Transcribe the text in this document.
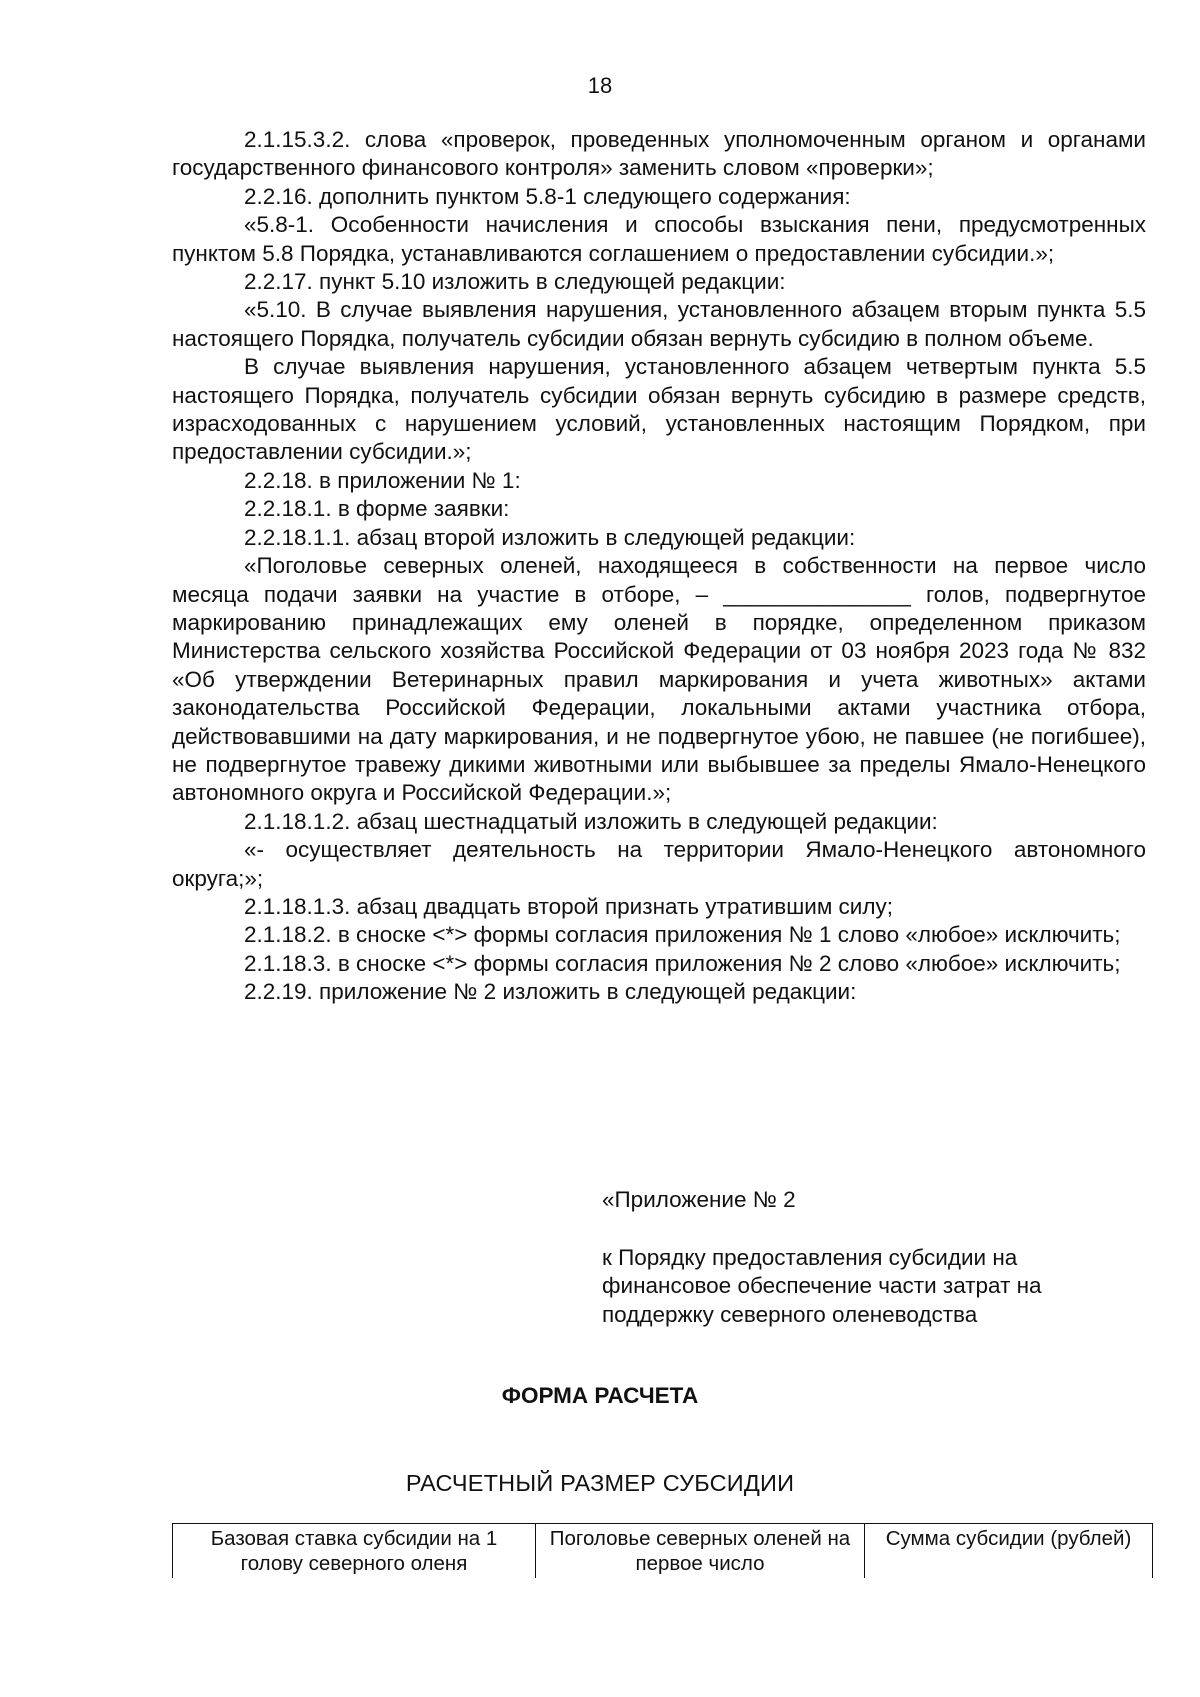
18

2.1.15.3.2. слова «проверок, проведенных уполномоченным органом и органами государственного финансового контроля» заменить словом «проверки»;

2.2.16. дополнить пунктом 5.8-1 следующего содержания:

«5.8-1. Особенности начисления и способы взыскания пени, предусмотренных пунктом 5.8 Порядка, устанавливаются соглашением о предоставлении субсидии.»;

2.2.17. пункт 5.10 изложить в следующей редакции:

«5.10. В случае выявления нарушения, установленного абзацем вторым пункта 5.5 настоящего Порядка, получатель субсидии обязан вернуть субсидию в полном объеме.

В случае выявления нарушения, установленного абзацем четвертым пункта 5.5 настоящего Порядка, получатель субсидии обязан вернуть субсидию в размере средств, израсходованных с нарушением условий, установленных настоящим Порядком, при предоставлении субсидии.»;

2.2.18. в приложении № 1:

2.2.18.1. в форме заявки:

2.2.18.1.1. абзац второй изложить в следующей редакции:

«Поголовье северных оленей, находящееся в собственности на первое число месяца подачи заявки на участие в отборе, – _______________ голов, подвергнутое маркированию принадлежащих ему оленей в порядке, определенном приказом Министерства сельского хозяйства Российской Федерации от 03 ноября 2023 года № 832 «Об утверждении Ветеринарных правил маркирования и учета животных» актами законодательства Российской Федерации, локальными актами участника отбора, действовавшими на дату маркирования, и не подвергнутое убою, не павшее (не погибшее), не подвергнутое травежу дикими животными или выбывшее за пределы Ямало-Ненецкого автономного округа и Российской Федерации.»;

2.1.18.1.2. абзац шестнадцатый изложить в следующей редакции:

«- осуществляет деятельность на территории Ямало-Ненецкого автономного округа;»;

2.1.18.1.3. абзац двадцать второй признать утратившим силу;

2.1.18.2. в сноске <*> формы согласия приложения № 1 слово «любое» исключить;

2.1.18.3. в сноске <*> формы согласия приложения № 2 слово «любое» исключить;

2.2.19. приложение № 2 изложить в следующей редакции:

«Приложение № 2
к Порядку предоставления субсидии на финансовое обеспечение части затрат на поддержку северного оленеводства
ФОРМА РАСЧЕТА
РАСЧЕТНЫЙ РАЗМЕР СУБСИДИИ
Базовая ставка субсидии на 1 голову северного оленя	Поголовье северных оленей на первое число	Сумма субсидии (рублей)
